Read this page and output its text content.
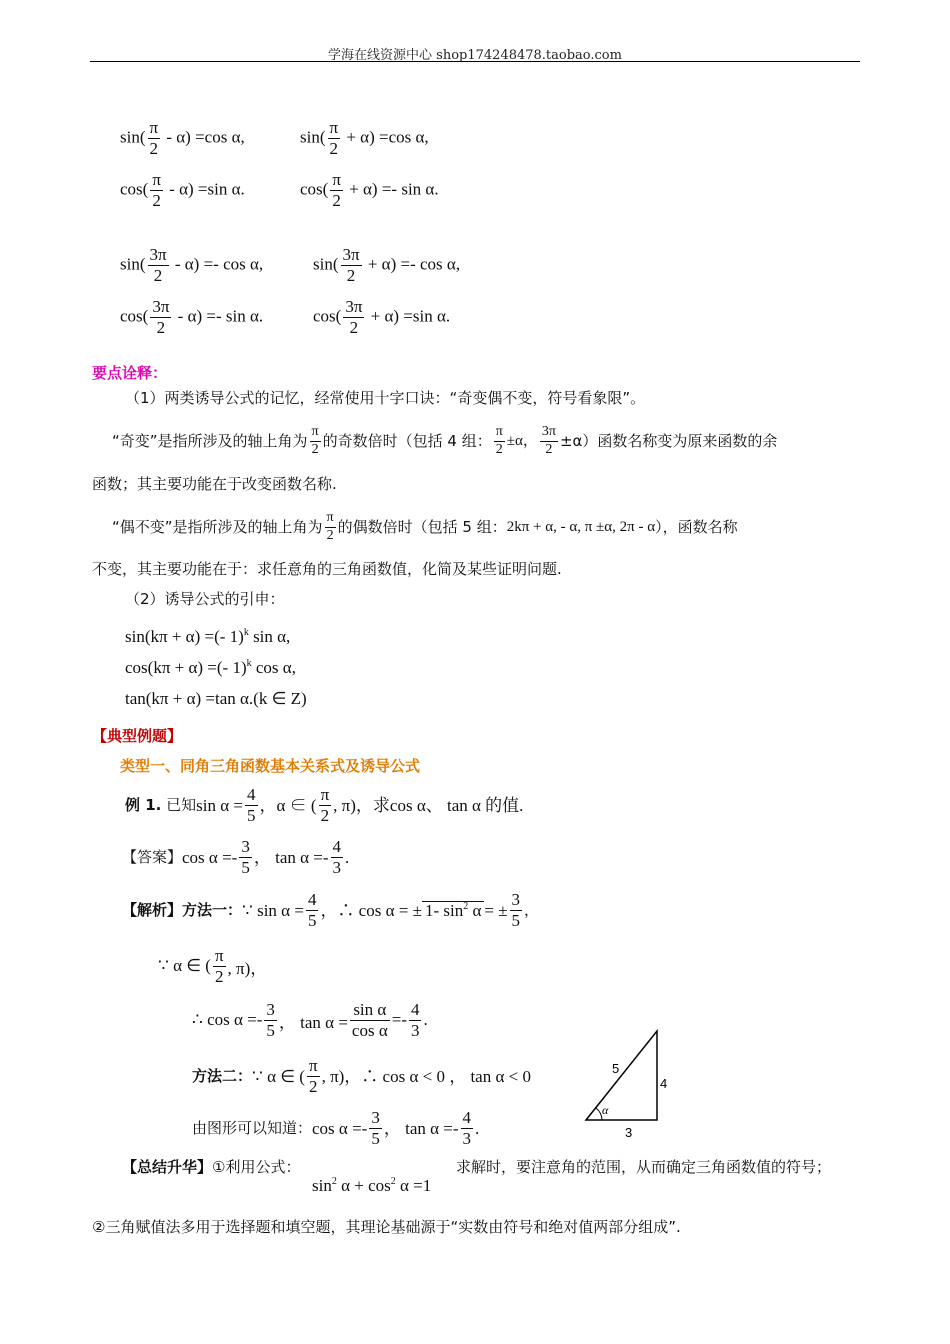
学海在线资源中心 shop174248478.taobao.com
$\sin( \frac{\pi}{2} - \alpha) =\cos$ α,	$\sin( \frac{\pi}{2} + \alpha) =\cos$ α,
$\cos( \frac{\pi}{2} - \alpha) =\sin$ α.	$\cos( \frac{\pi}{2} + \alpha) =- \sin \alpha$.
$\sin( \frac{3\pi}{2} - \alpha) =- \cos \alpha$,	$\sin( \frac{3\pi}{2} + \alpha) =- \cos \alpha$,
$\cos( \frac{3\pi}{2} - \alpha) =- \sin \alpha$.	$\cos( \frac{3\pi}{2} + \alpha) =\sin$ α.
要点诠释：
（1）两类诱导公式的记忆，经常使用十字口诀：“奇变偶不变，符号看象限”。
“奇变”是指所涉及的轴上角为 $\frac{\pi}{2}$ 的奇数倍时（包括 4 组： $\frac{\pi}{2} \pm\alpha$， $\frac{3\pi}{2} \pm\alpha$）函数名称变为原来函数的余
函数；其主要功能在于改变函数名称.
“偶不变”是指所涉及的轴上角为 $\frac{\pi}{2}$ 的偶数倍时（包括 5 组：2kπ + α, - α, π ±α, 2π - α），函数名称
不变，其主要功能在于：求任意角的三角函数值，化简及某些证明问题.
（2）诱导公式的引申：
sin(kπ + α) =(- 1)$^k$ sin α,
cos(kπ + α) =(- 1)$^k$ cos α,
tan(kπ + α) =tan α.(k ∈ Z)
【典型例题】
类型一、同角三角函数基本关系式及诱导公式
例 1. 已知$\sin \alpha = \frac{4}{5}$ ，α ∈ ( $\frac{\pi}{2}$ , π)，求cos α、 tan α 的值.
【答案】$\cos \alpha =- \frac{3}{5}$ ， $\tan \alpha =- \frac{4}{3}$ .
【解析】方法一：∵ $\sin \alpha = \frac{4}{5}$ ，∴ cos α = ± 1- $\sin^2 \alpha= \pm \frac{3}{5}$ ，
∵ α ∈ ( $\frac{\pi}{2}$ , π)，
∴ $\cos \alpha =- \frac{3}{5}$ ， $\tan \alpha = \frac{\text{sin α}}{\text{cos α}} =- \frac{4}{3}$ .
方法二：∵ α ∈ ( $\frac{\pi}{2}$ , π)，∴ cos α < 0 ， tan α < 0
由图形可以知道：$\cos \alpha =- \frac{3}{5}$ ， $\tan \alpha =- \frac{4}{3}$ .
5
4
3
α
【总结升华】①利用公式：
$\sin^2 \alpha + \cos^2 \alpha =1$
求解时，要注意角的范围，从而确定三角函数值的符号；
②三角赋值法多用于选择题和填空题，其理论基础源于“实数由符号和绝对值两部分组成”.
